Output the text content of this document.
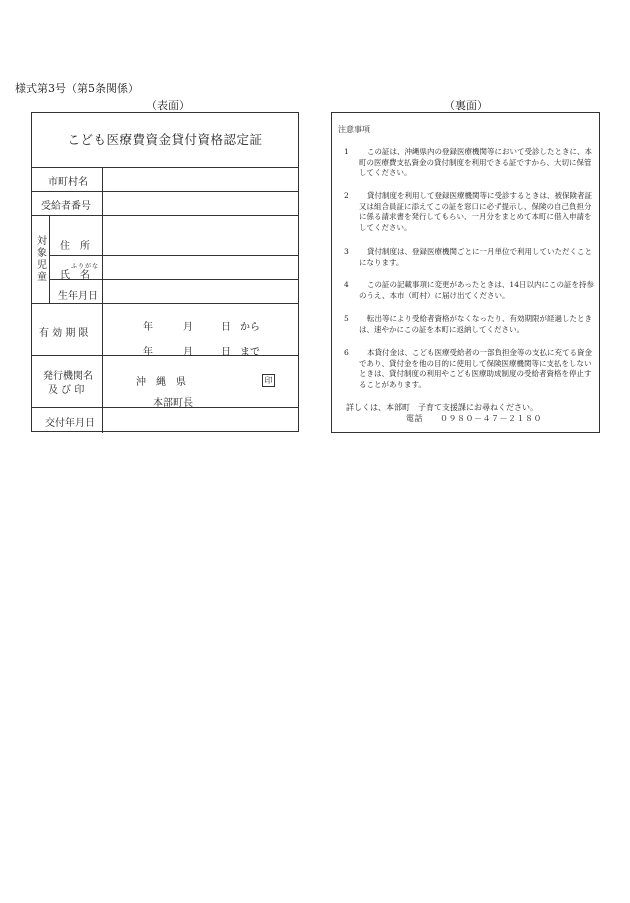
様式第3号（第5条関係）
（表面）	（裏面）
こども医療費資金貸付資格認定証
市町村名
受給者番号
対象児童
住　所
ふりがな
氏　名
生年月日
有 効 期 限
年	月	日 から
年	月	日 まで
発行機関名
及 び 印
沖　縄　県
本部町長
印
交付年月日
注意事項
1	この証は、沖縄県内の登録医療機関等において受診したときに、本町の医療費支払資金の貸付制度を利用できる証ですから、大切に保管してください。
2	貸付制度を利用して登録医療機関等に受診するときは、被保険者証又は組合員証に添えてこの証を窓口に必ず提示し、保険の自己負担分に係る請求書を発行してもらい、一月分をまとめて本町に借入申請をしてください。
3	貸付制度は、登録医療機関ごとに一月単位で利用していただくことになります。
4	この証の記載事項に変更があったときは、14日以内にこの証を持参のうえ、本市（町村）に届け出てください。
5	転出等により受給者資格がなくなったり、有効期限が経過したときは、速やかにこの証を本町に返納してください。
6	本貸付金は、こども医療受給者の一部負担金等の支払に充てる資金であり、貸付金を他の目的に使用して保険医療機関等に支払をしないときは、貸付制度の利用やこども医療助成制度の受給者資格を停止することがあります。
詳しくは、本部町　子育て支援課にお尋ねください。
電話　　０９８０－４７－２１８０
